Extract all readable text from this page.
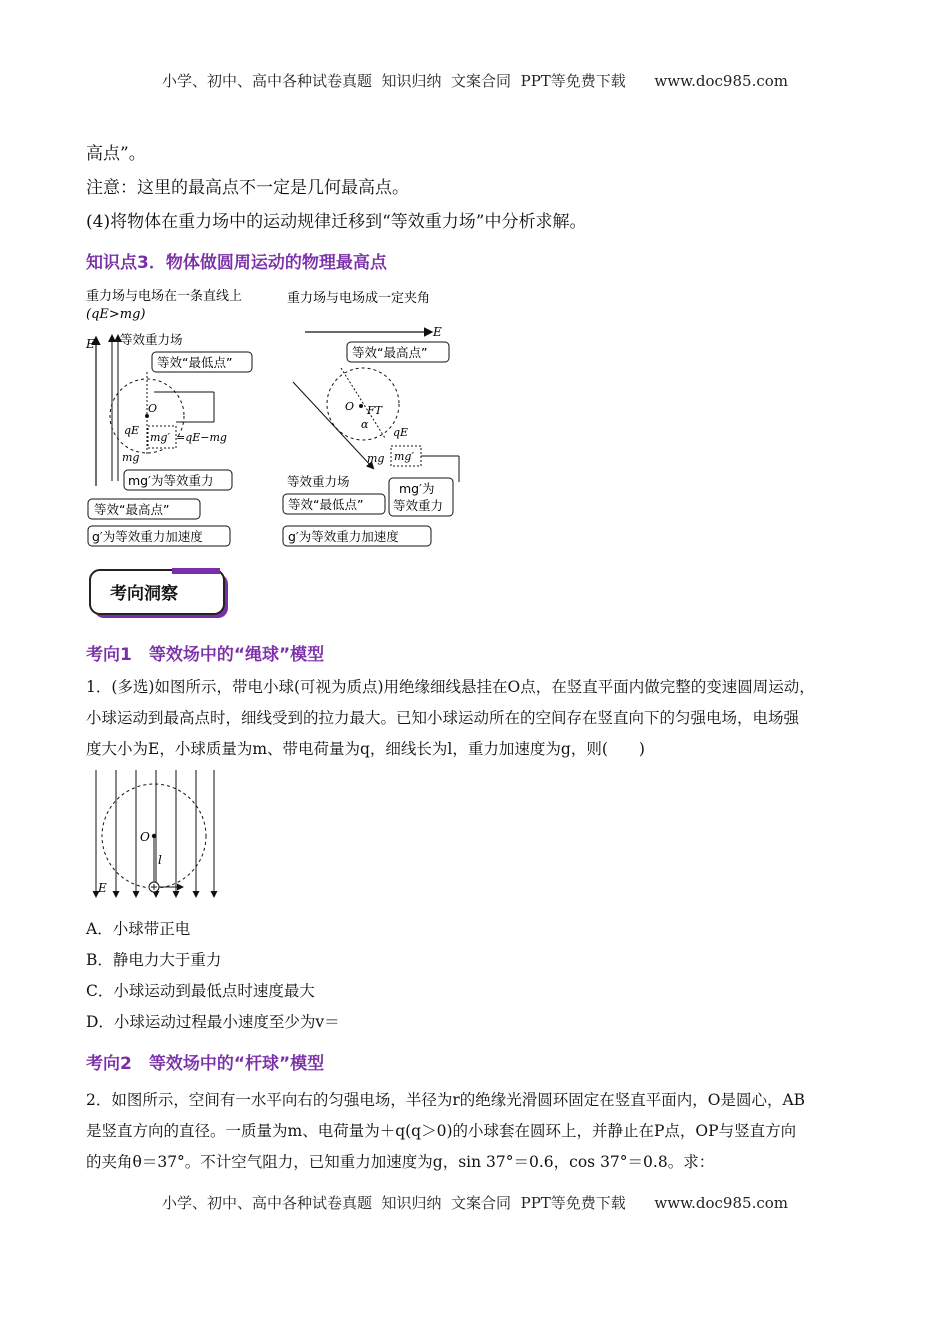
小学、初中、高中各种试卷真题  知识归纳  文案合同  PPT等免费下载      www.doc985.com
高点”。
注意：这里的最高点不一定是几何最高点。
(4)将物体在重力场中的运动规律迁移到“等效重力场”中分析求解。
知识点3．物体做圆周运动的物理最高点
重力场与电场在一条直线上
(qE>mg)
E 等效重力场
等效“最低点”
O
qE
mg′ =qE−mg
mg
mg′为等效重力
等效“最高点”
g′为等效重力加速度
重力场与电场成一定夹角
E
等效“最高点”
O FT
α
qE
mg mg′
等效重力场
等效“最低点”
mg′为
等效重力
g′为等效重力加速度
考向洞察
考向1　等效场中的“绳球”模型
1．(多选)如图所示，带电小球(可视为质点)用绝缘细线悬挂在O点，在竖直平面内做完整的变速圆周运动，
小球运动到最高点时，细线受到的拉力最大。已知小球运动所在的空间存在竖直向下的匀强电场，电场强
度大小为E，小球质量为m、带电荷量为q，细线长为l，重力加速度为g，则(　　)
O
l
E
A．小球带正电
B．静电力大于重力
C．小球运动到最低点时速度最大
D．小球运动过程最小速度至少为v＝
考向2　等效场中的“杆球”模型
2．如图所示，空间有一水平向右的匀强电场，半径为r的绝缘光滑圆环固定在竖直平面内，O是圆心，AB
是竖直方向的直径。一质量为m、电荷量为＋q(q＞0)的小球套在圆环上，并静止在P点，OP与竖直方向
的夹角θ＝37°。不计空气阻力，已知重力加速度为g，sin 37°＝0.6，cos 37°＝0.8。求：
小学、初中、高中各种试卷真题  知识归纳  文案合同  PPT等免费下载      www.doc985.com
